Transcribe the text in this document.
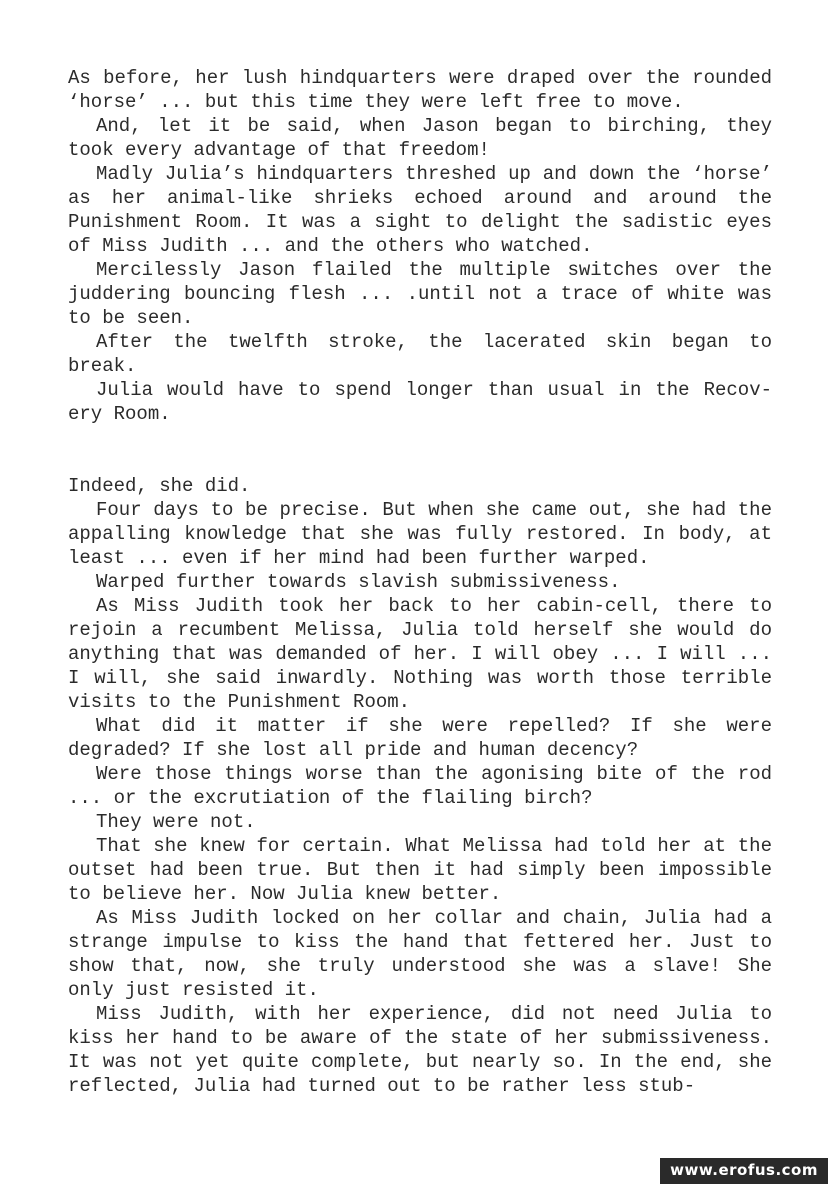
As before, her lush hindquarters were draped over the rounded ‘horse’ ... but this time they were left free to move.

And, let it be said, when Jason began to birching, they took every advantage of that freedom!

Madly Julia’s hindquarters threshed up and down the ‘horse’ as her animal-like shrieks echoed around and around the Punishment Room. It was a sight to delight the sadistic eyes of Miss Judith ... and the others who watched.

Mercilessly Jason flailed the multiple switches over the juddering bouncing flesh ... .until not a trace of white was to be seen.

After the twelfth stroke, the lacerated skin began to break.

Julia would have to spend longer than usual in the Recov-ery Room.

Indeed, she did.

Four days to be precise. But when she came out, she had the appalling knowledge that she was fully restored. In body, at least ... even if her mind had been further warped.

Warped further towards slavish submissiveness.

As Miss Judith took her back to her cabin-cell, there to rejoin a recumbent Melissa, Julia told herself she would do anything that was demanded of her. I will obey ... I will ... I will, she said inwardly. Nothing was worth those terrible visits to the Punishment Room.

What did it matter if she were repelled? If she were degraded? If she lost all pride and human decency?

Were those things worse than the agonising bite of the rod ... or the excrutiation of the flailing birch?

They were not.

That she knew for certain. What Melissa had told her at the outset had been true. But then it had simply been impossible to believe her. Now Julia knew better.

As Miss Judith locked on her collar and chain, Julia had a strange impulse to kiss the hand that fettered her. Just to show that, now, she truly understood she was a slave! She only just resisted it.

Miss Judith, with her experience, did not need Julia to kiss her hand to be aware of the state of her submissiveness. It was not yet quite complete, but nearly so. In the end, she reflected, Julia had turned out to be rather less stub-

www.erofus.com
